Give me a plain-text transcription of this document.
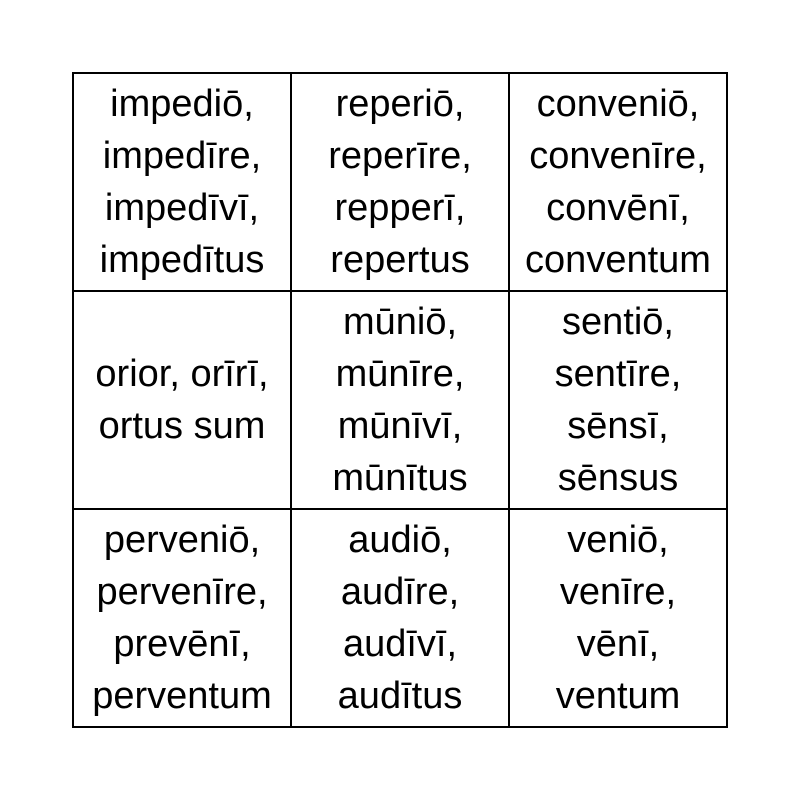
impediō,
impedīre,
impedīvī,
impedītus
reperiō,
reperīre,
repperī,
repertus
conveniō,
convenīre,
convēnī,
conventum
orior, orīrī,
ortus sum
mūniō,
mūnīre,
mūnīvī,
mūnītus
sentiō,
sentīre,
sēnsī,
sēnsus
perveniō,
pervenīre,
prevēnī,
perventum
audiō,
audīre,
audīvī,
audītus
veniō,
venīre,
vēnī,
ventum
